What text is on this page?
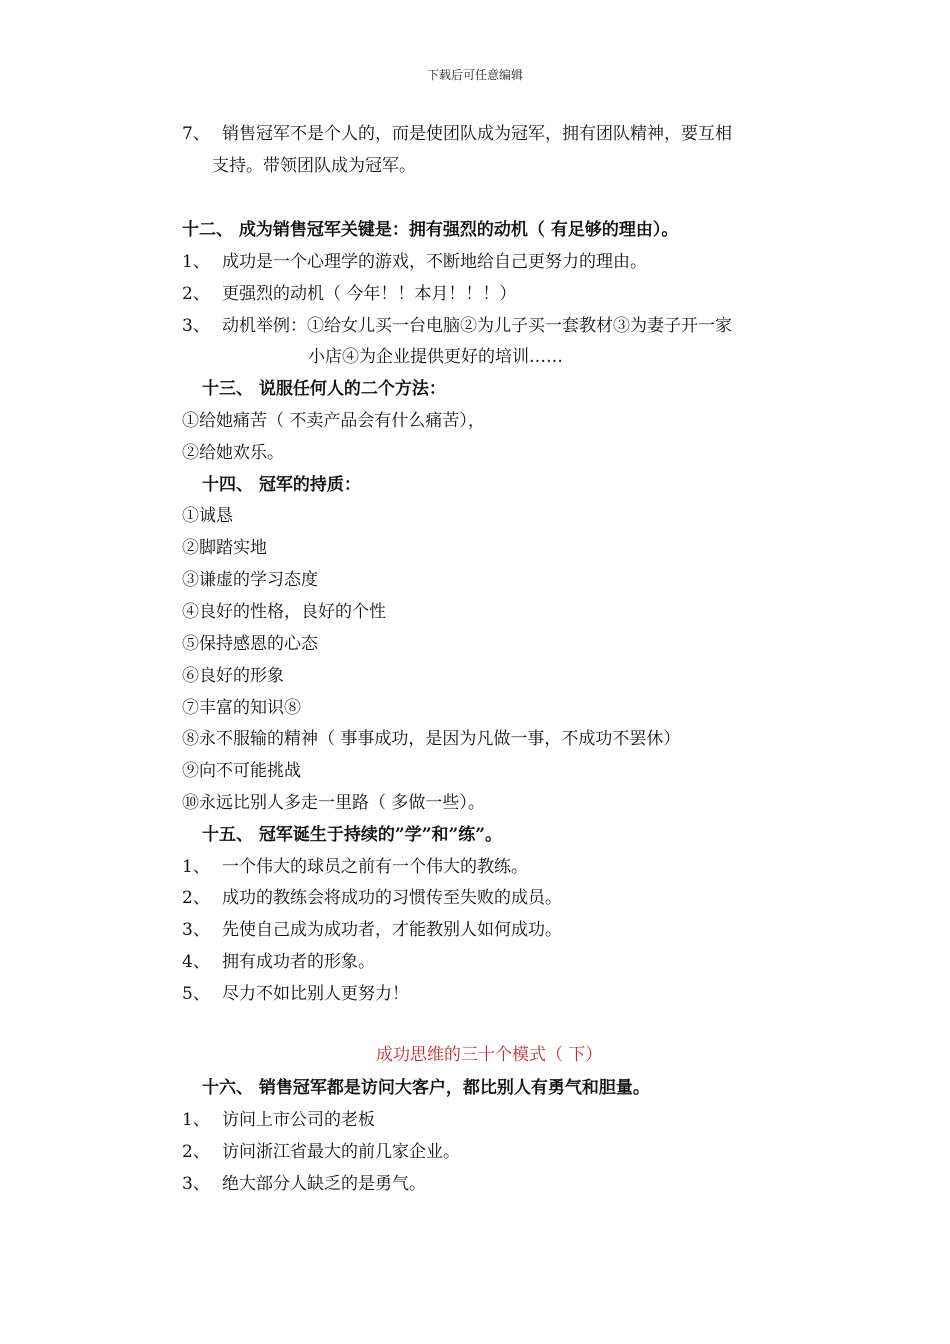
下载后可任意编辑
7、 销售冠军不是个人的，而是使团队成为冠军，拥有团队精神，要互相
支持。带领团队成为冠军。
十二、 成为销售冠军关键是：拥有强烈的动机（ 有足够的理由）。
1、 成功是一个心理学的游戏，不断地给自己更努力的理由。
2、 更强烈的动机（ 今年！！本月！！！）
3、 动机举例：①给女儿买一台电脑②为儿子买一套教材③为妻子开一家
小店④为企业提供更好的培训……
十三、 说服任何人的二个方法：
①给她痛苦（ 不卖产品会有什么痛苦），
②给她欢乐。
十四、 冠军的持质：
①诚恳
②脚踏实地
③谦虚的学习态度
④良好的性格，良好的个性
⑤保持感恩的心态
⑥良好的形象
⑦丰富的知识⑧
⑧永不服输的精神（ 事事成功，是因为凡做一事，不成功不罢休）
⑨向不可能挑战
⑩永远比别人多走一里路（ 多做一些）。
十五、 冠军诞生于持续的”学”和”练”。
1、 一个伟大的球员之前有一个伟大的教练。
2、 成功的教练会将成功的习惯传至失败的成员。
3、 先使自己成为成功者，才能教别人如何成功。
4、 拥有成功者的形象。
5、 尽力不如比别人更努力！
成功思维的三十个模式（ 下）
十六、 销售冠军都是访问大客户，都比别人有勇气和胆量。
1、 访问上市公司的老板
2、 访问浙江省最大的前几家企业。
3、 绝大部分人缺乏的是勇气。
